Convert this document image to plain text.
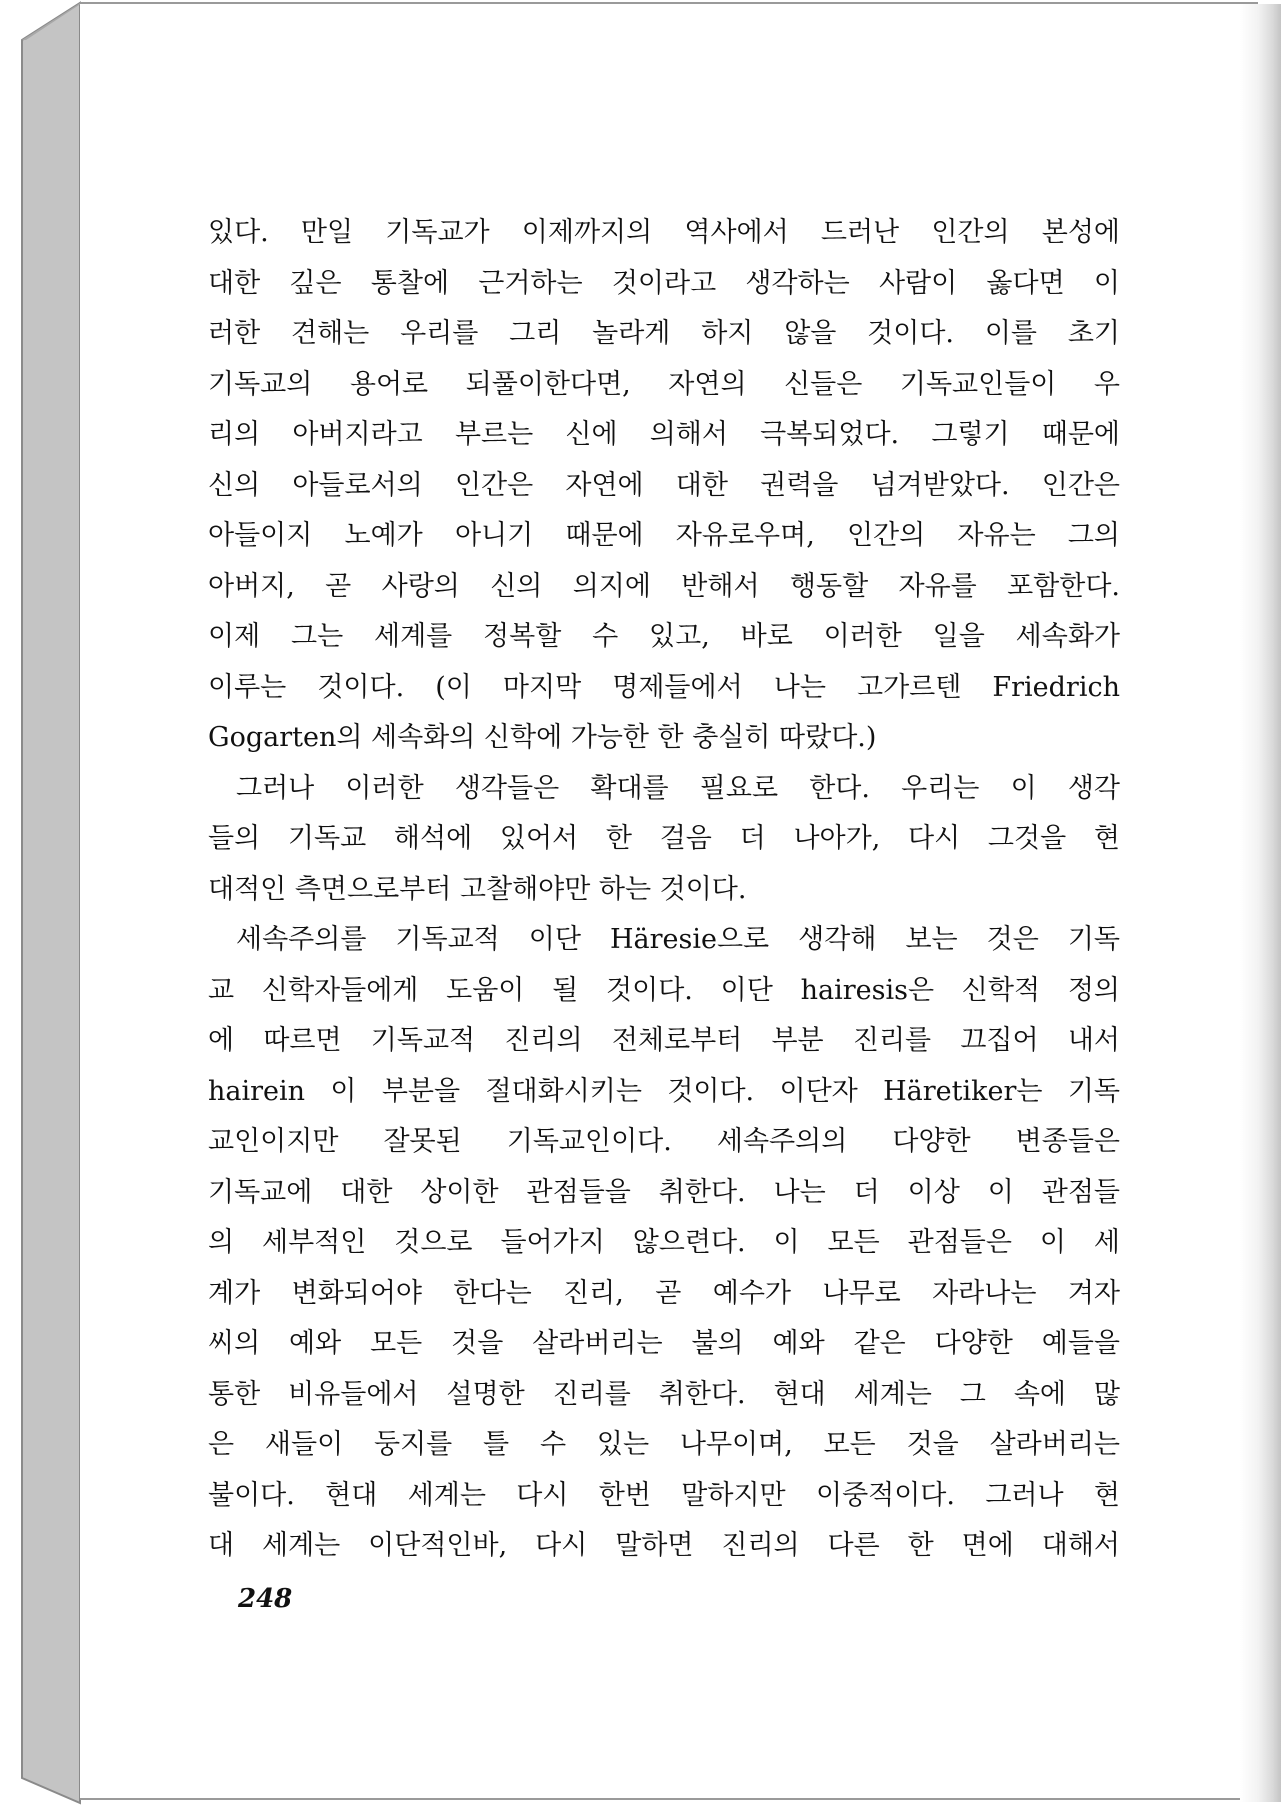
있다. 만일 기독교가 이제까지의 역사에서 드러난 인간의 본성에
대한 깊은 통찰에 근거하는 것이라고 생각하는 사람이 옳다면 이
러한 견해는 우리를 그리 놀라게 하지 않을 것이다. 이를 초기
기독교의 용어로 되풀이한다면, 자연의 신들은 기독교인들이 우
리의 아버지라고 부르는 신에 의해서 극복되었다. 그렇기 때문에
신의 아들로서의 인간은 자연에 대한 권력을 넘겨받았다. 인간은
아들이지 노예가 아니기 때문에 자유로우며, 인간의 자유는 그의
아버지, 곧 사랑의 신의 의지에 반해서 행동할 자유를 포함한다.
이제 그는 세계를 정복할 수 있고, 바로 이러한 일을 세속화가
이루는 것이다. (이 마지막 명제들에서 나는 고가르텐 Friedrich
Gogarten의 세속화의 신학에 가능한 한 충실히 따랐다.)
그러나 이러한 생각들은 확대를 필요로 한다. 우리는 이 생각
들의 기독교 해석에 있어서 한 걸음 더 나아가, 다시 그것을 현
대적인 측면으로부터 고찰해야만 하는 것이다.
세속주의를 기독교적 이단 Häresie으로 생각해 보는 것은 기독
교 신학자들에게 도움이 될 것이다. 이단 hairesis은 신학적 정의
에 따르면 기독교적 진리의 전체로부터 부분 진리를 끄집어 내서
hairein 이 부분을 절대화시키는 것이다. 이단자 Häretiker는 기독
교인이지만 잘못된 기독교인이다. 세속주의의 다양한 변종들은
기독교에 대한 상이한 관점들을 취한다. 나는 더 이상 이 관점들
의 세부적인 것으로 들어가지 않으련다. 이 모든 관점들은 이 세
계가 변화되어야 한다는 진리, 곧 예수가 나무로 자라나는 겨자
씨의 예와 모든 것을 살라버리는 불의 예와 같은 다양한 예들을
통한 비유들에서 설명한 진리를 취한다. 현대 세계는 그 속에 많
은 새들이 둥지를 틀 수 있는 나무이며, 모든 것을 살라버리는
불이다. 현대 세계는 다시 한번 말하지만 이중적이다. 그러나 현
대 세계는 이단적인바, 다시 말하면 진리의 다른 한 면에 대해서
248
